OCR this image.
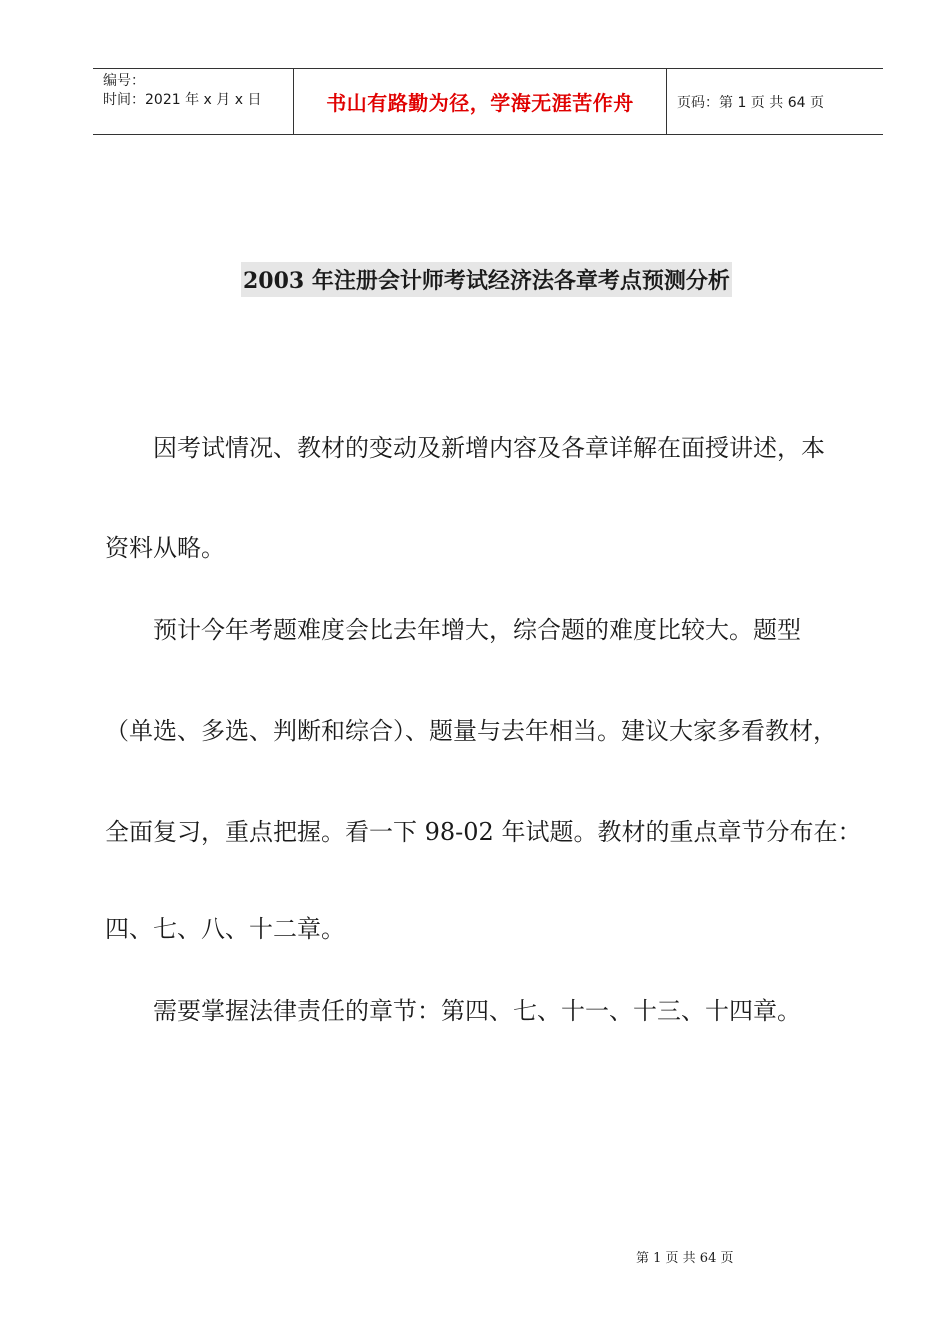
编号：
时间：2021 年 x 月 x 日	书山有路勤为径，学海无涯苦作舟	页码：第 1 页 共 64 页
2003 年注册会计师考试经济法各章考点预测分析
因考试情况、教材的变动及新增内容及各章详解在面授讲述，本
资料从略。
预计今年考题难度会比去年增大，综合题的难度比较大。题型
（单选、多选、判断和综合）、题量与去年相当。建议大家多看教材，
全面复习，重点把握。看一下 98-02 年试题。教材的重点章节分布在：
四、七、八、十二章。
需要掌握法律责任的章节：第四、七、十一、十三、十四章。
第 1 页 共 64 页
